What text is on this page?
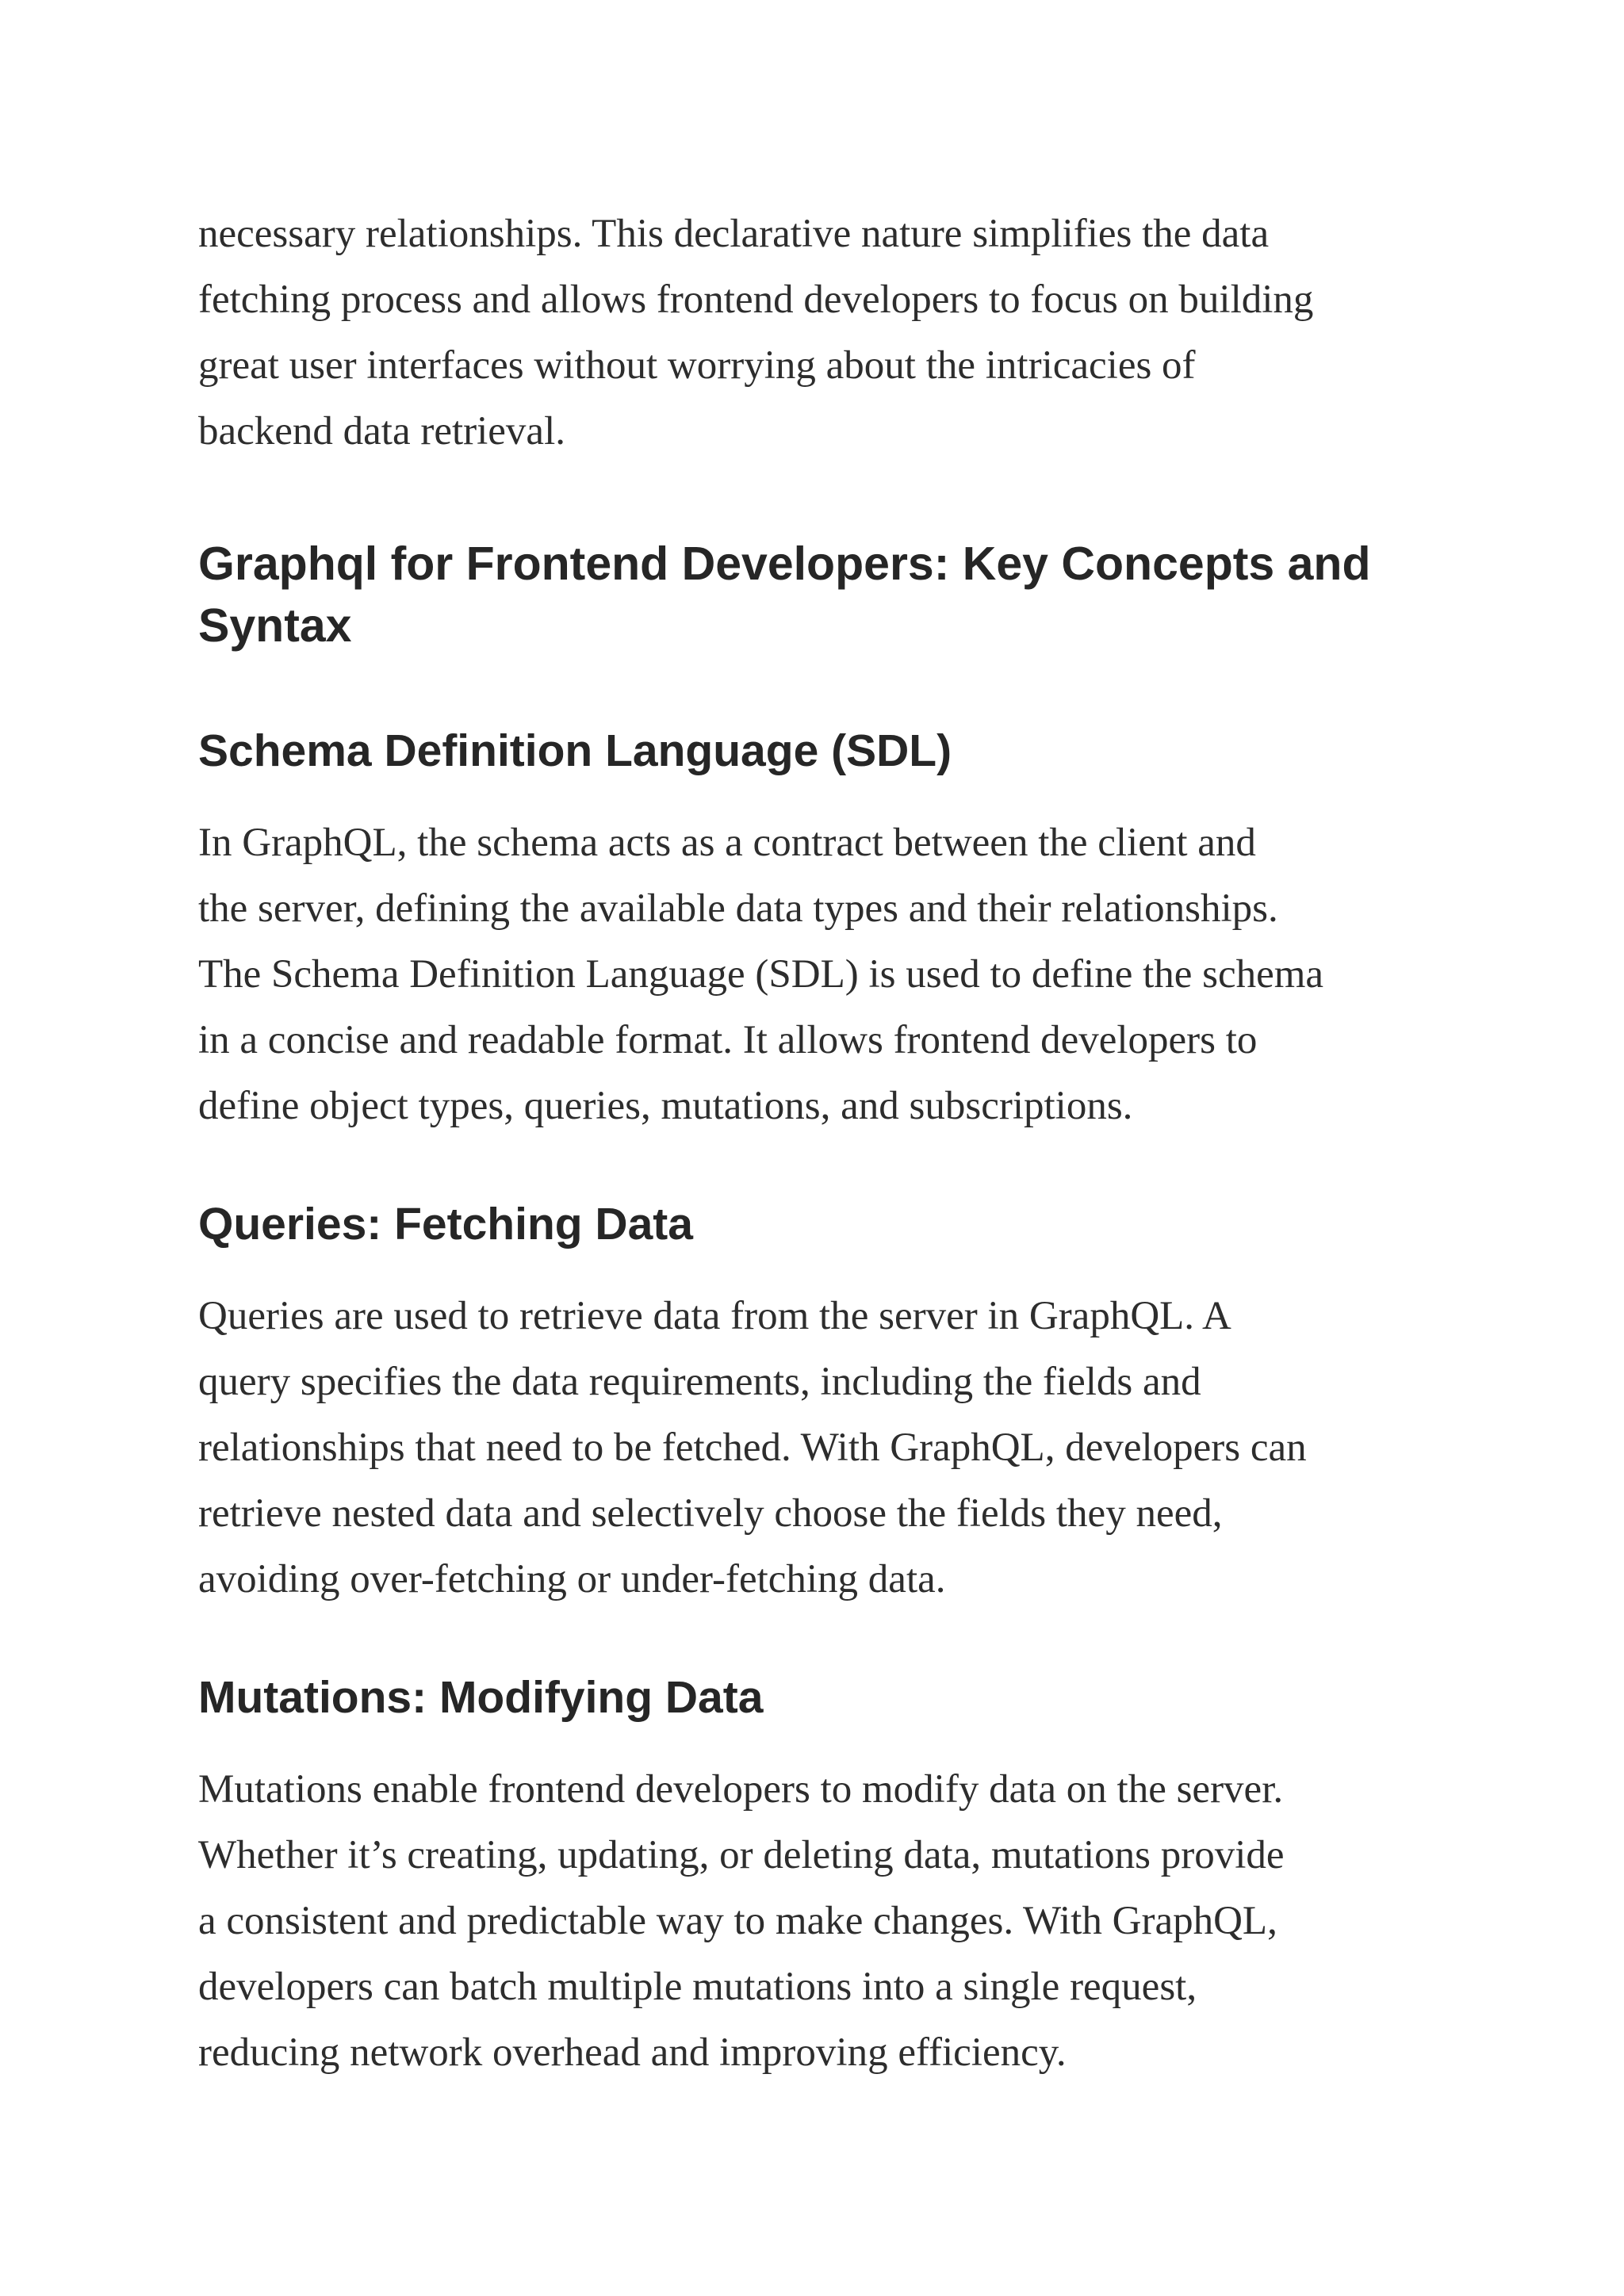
necessary relationships. This declarative nature simplifies the data
fetching process and allows frontend developers to focus on building
great user interfaces without worrying about the intricacies of
backend data retrieval.

Graphql for Frontend Developers: Key Concepts and
Syntax
Schema Definition Language (SDL)

In GraphQL, the schema acts as a contract between the client and
the server, defining the available data types and their relationships.
The Schema Definition Language (SDL) is used to define the schema
in a concise and readable format. It allows frontend developers to
define object types, queries, mutations, and subscriptions.

Queries: Fetching Data

Queries are used to retrieve data from the server in GraphQL. A
query specifies the data requirements, including the fields and
relationships that need to be fetched. With GraphQL, developers can
retrieve nested data and selectively choose the fields they need,
avoiding over-fetching or under-fetching data.

Mutations: Modifying Data

Mutations enable frontend developers to modify data on the server.
Whether it’s creating, updating, or deleting data, mutations provide
a consistent and predictable way to make changes. With GraphQL,
developers can batch multiple mutations into a single request,
reducing network overhead and improving efficiency.
